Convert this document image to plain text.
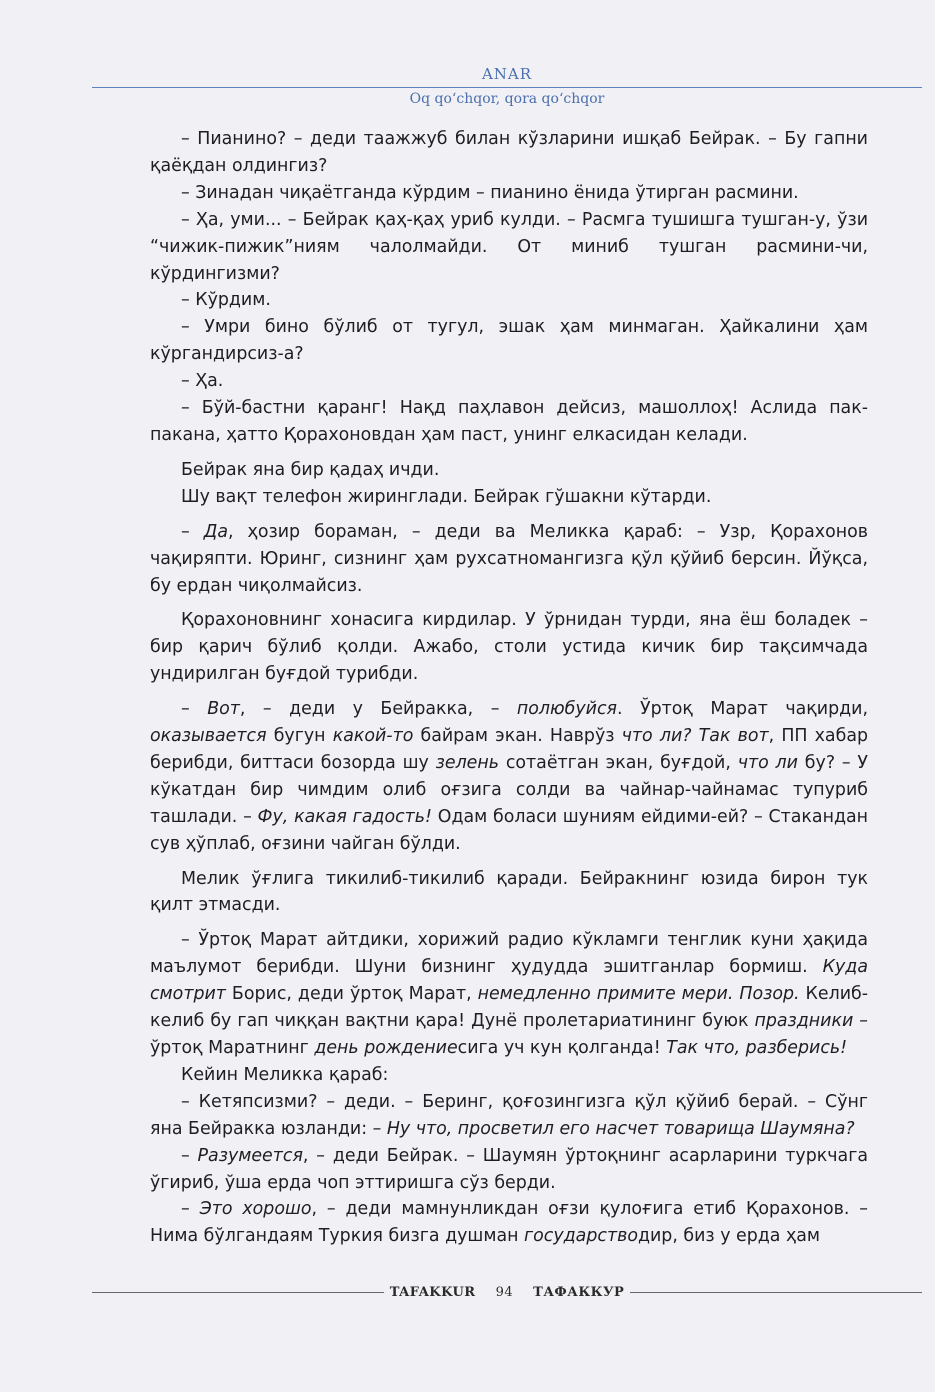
ANAR
Oq qo‘chqor, qora qo‘chqor

– Пианино? – деди таажжуб билан кўзларини ишқаб Бейрак. – Бу гапни қаёқдан олдингиз?

– Зинадан чиқаётганда кўрдим – пианино ёнида ўтирган расмини.

– Ҳа, уми... – Бейрак қаҳ-қаҳ уриб кулди. – Расмга тушишга тушган-у, ўзи “чижик-пижик”ниям чалолмайди. От миниб тушган расмини-чи, кўрдингизми?

– Кўрдим.

– Умри бино бўлиб от тугул, эшак ҳам минмаган. Ҳайкалини ҳам кўргандирсиз-а?

– Ҳа.

– Бўй-бастни қаранг! Нақд паҳлавон дейсиз, машоллоҳ! Аслида пак-пакана, ҳатто Қорахоновдан ҳам паст, унинг елкасидан келади.

Бейрак яна бир қадаҳ ичди.

Шу вақт телефон жиринглади. Бейрак гўшакни кўтарди.

– Да, ҳозир бораман, – деди ва Меликка қараб: – Узр, Қорахонов чақиряпти. Юринг, сизнинг ҳам рухсатномангизга қўл қўйиб берсин. Йўқса, бу ердан чиқолмайсиз.

Қорахоновнинг хонасига кирдилар. У ўрнидан турди, яна ёш боладек – бир қарич бўлиб қолди. Ажабо, столи устида кичик бир тақсимчада ундирилган буғдой турибди.

– Вот, – деди у Бейракка, – полюбуйся. Ўртоқ Марат чақирди, оказывается бугун какой-то байрам экан. Наврўз что ли? Так вот, ПП хабар берибди, биттаси бозорда шу зелень сотаётган экан, буғдой, что ли бу? – У кўкатдан бир чимдим олиб оғзига солди ва чайнар-чайнамас тупуриб ташлади. – Фу, какая гадость! Одам боласи шуниям ейдими-ей? – Стакандан сув ҳўплаб, оғзини чайган бўлди.

Мелик ўғлига тикилиб-тикилиб қаради. Бейракнинг юзида бирон тук қилт этмасди.

– Ўртоқ Марат айтдики, хорижий радио кўкламги тенглик куни ҳақида маълумот берибди. Шуни бизнинг ҳудудда эшитганлар бормиш. Куда смотрит Борис, деди ўртоқ Марат, немедленно примите мери. Позор. Келиб-келиб бу гап чиққан вақтни қара! Дунё пролетариатининг буюк праздники – ўртоқ Маратнинг день рождениесига уч кун қолганда! Так что, разберись!

Кейин Меликка қараб:

– Кетяпсизми? – деди. – Беринг, қоғозингизга қўл қўйиб берай. – Сўнг яна Бейракка юзланди: – Ну что, просветил его насчет товарища Шаумяна?

– Разумеется, – деди Бейрак. – Шаумян ўртоқнинг асарларини туркчага ўгириб, ўша ерда чоп эттиришга сўз берди.

– Это хорошо, – деди мамнунликдан оғзи қулоғига етиб Қорахонов. – Нима бўлгандаям Туркия бизга душман государстводир, биз у ерда ҳам

TAFAKKUR	94	ТАФАККУР
